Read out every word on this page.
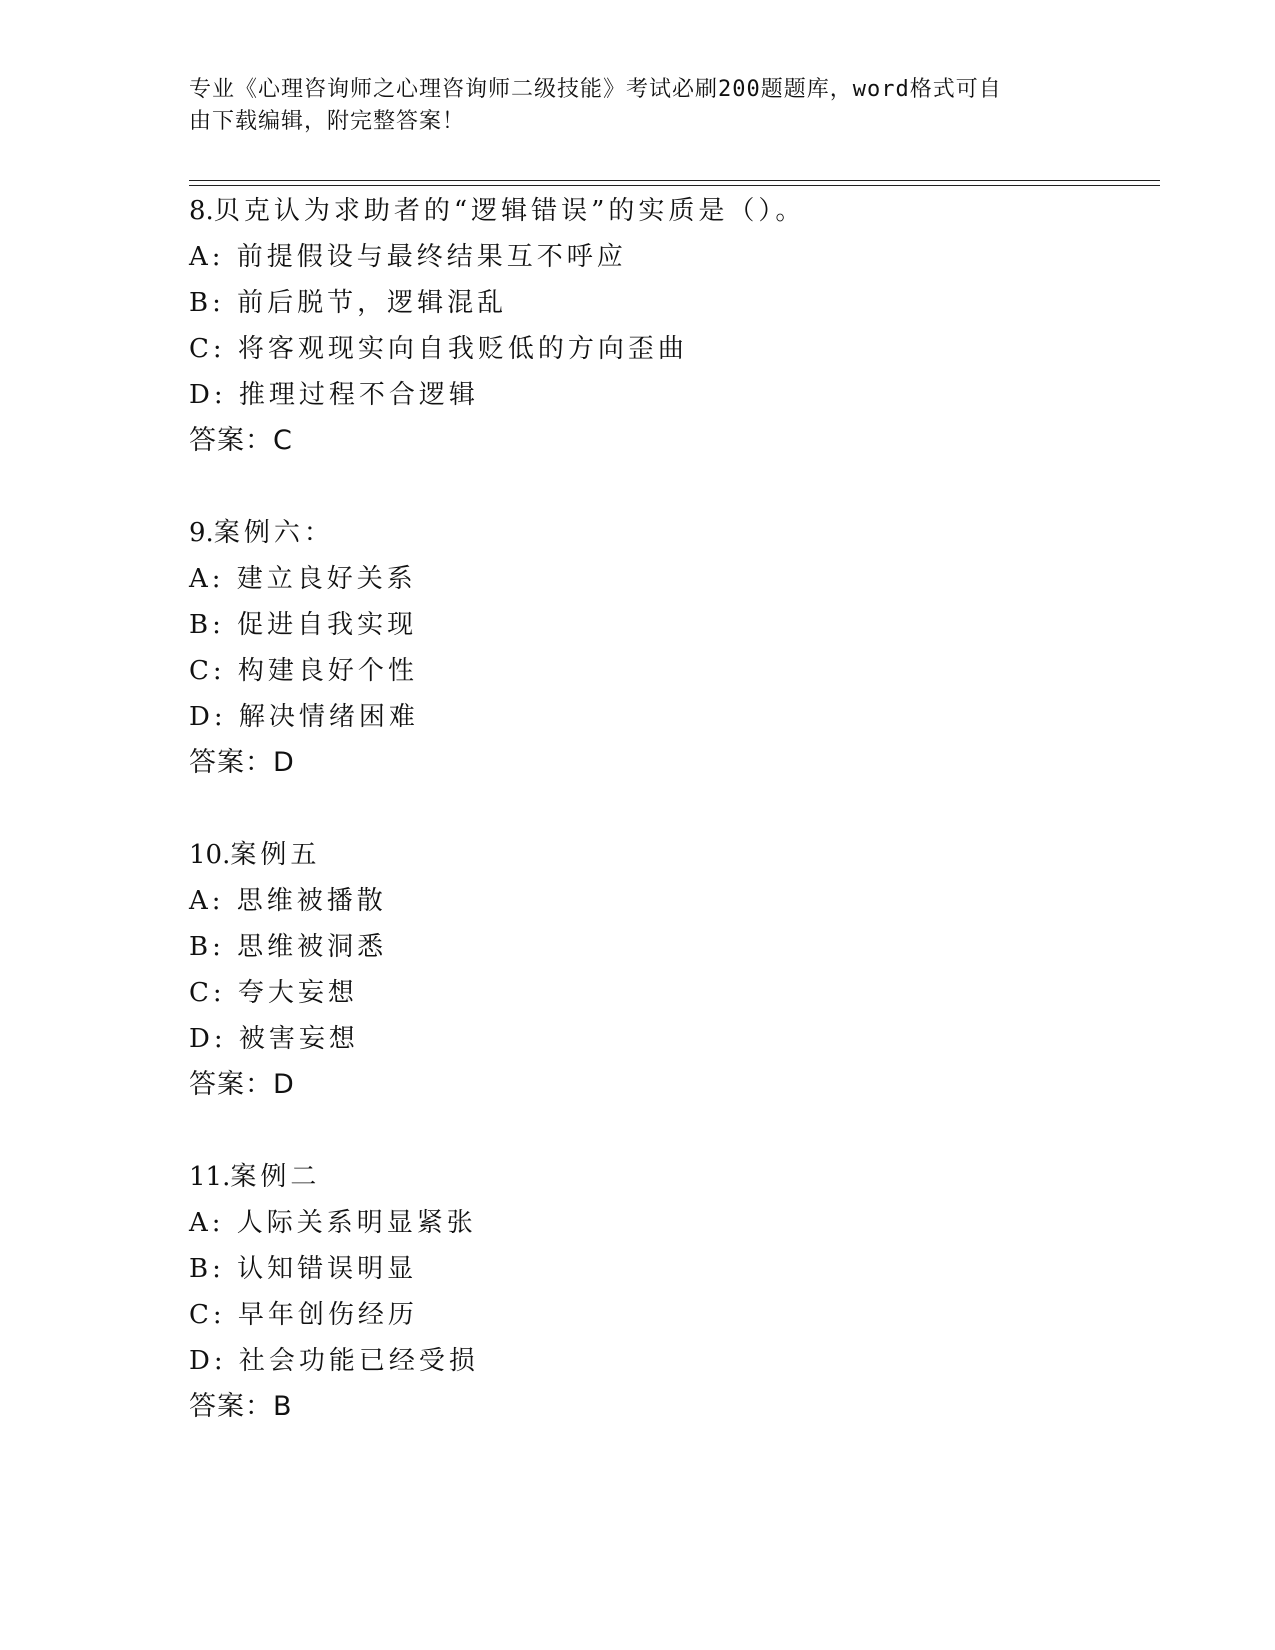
专业《心理咨询师之心理咨询师二级技能》考试必刷200题题库，word格式可自
由下载编辑，附完整答案！
8.贝克认为求助者的“逻辑错误”的实质是（）。
A: 前提假设与最终结果互不呼应
B: 前后脱节，逻辑混乱
C: 将客观现实向自我贬低的方向歪曲
D: 推理过程不合逻辑
答案：C
9.案例六：
A: 建立良好关系
B: 促进自我实现
C: 构建良好个性
D: 解决情绪困难
答案：D
10.案例五
A: 思维被播散
B: 思维被洞悉
C: 夸大妄想
D: 被害妄想
答案：D
11.案例二
A: 人际关系明显紧张
B: 认知错误明显
C: 早年创伤经历
D: 社会功能已经受损
答案：B
